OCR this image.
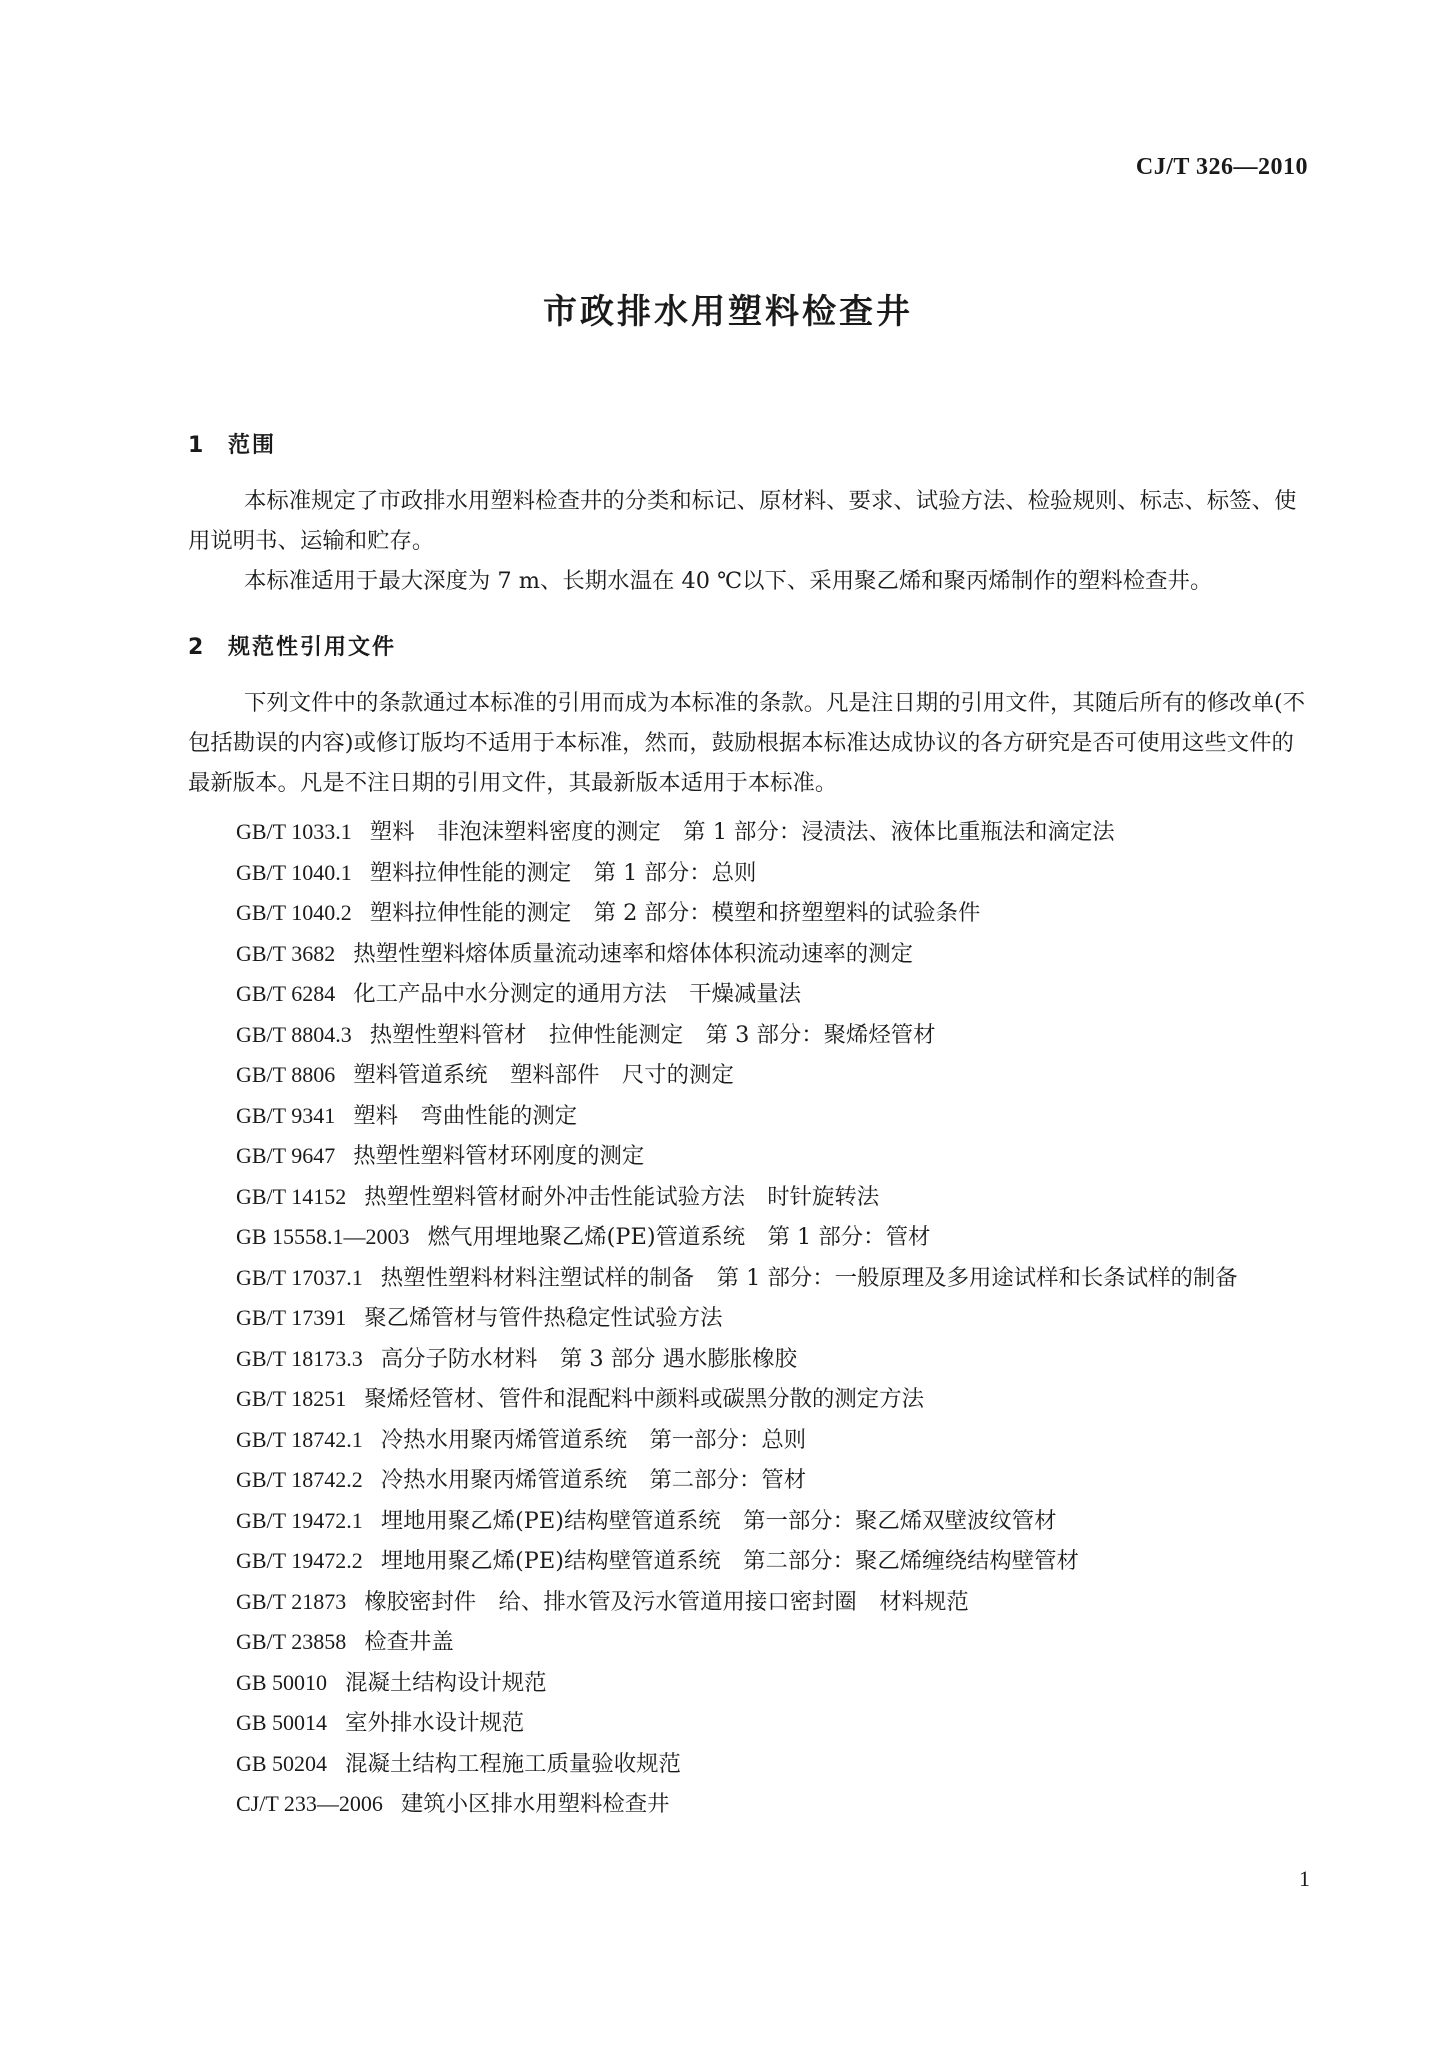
CJ/T 326—2010
市政排水用塑料检查井
1 范围
本标准规定了市政排水用塑料检查井的分类和标记、原材料、要求、试验方法、检验规则、标志、标签、使用说明书、运输和贮存。
本标准适用于最大深度为 7 m、长期水温在 40 ℃以下、采用聚乙烯和聚丙烯制作的塑料检查井。
2 规范性引用文件
下列文件中的条款通过本标准的引用而成为本标准的条款。凡是注日期的引用文件，其随后所有的修改单(不包括勘误的内容)或修订版均不适用于本标准，然而，鼓励根据本标准达成协议的各方研究是否可使用这些文件的最新版本。凡是不注日期的引用文件，其最新版本适用于本标准。
GB/T 1033.1 塑料　非泡沫塑料密度的测定　第 1 部分：浸渍法、液体比重瓶法和滴定法
GB/T 1040.1 塑料拉伸性能的测定　第 1 部分：总则
GB/T 1040.2 塑料拉伸性能的测定　第 2 部分：模塑和挤塑塑料的试验条件
GB/T 3682 热塑性塑料熔体质量流动速率和熔体体积流动速率的测定
GB/T 6284 化工产品中水分测定的通用方法　干燥减量法
GB/T 8804.3 热塑性塑料管材　拉伸性能测定　第 3 部分：聚烯烃管材
GB/T 8806 塑料管道系统　塑料部件　尺寸的测定
GB/T 9341 塑料　弯曲性能的测定
GB/T 9647 热塑性塑料管材环刚度的测定
GB/T 14152 热塑性塑料管材耐外冲击性能试验方法　时针旋转法
GB 15558.1—2003 燃气用埋地聚乙烯(PE)管道系统　第 1 部分：管材
GB/T 17037.1 热塑性塑料材料注塑试样的制备　第 1 部分：一般原理及多用途试样和长条试样的制备
GB/T 17391 聚乙烯管材与管件热稳定性试验方法
GB/T 18173.3 高分子防水材料　第 3 部分 遇水膨胀橡胶
GB/T 18251 聚烯烃管材、管件和混配料中颜料或碳黑分散的测定方法
GB/T 18742.1 冷热水用聚丙烯管道系统　第一部分：总则
GB/T 18742.2 冷热水用聚丙烯管道系统　第二部分：管材
GB/T 19472.1 埋地用聚乙烯(PE)结构壁管道系统　第一部分：聚乙烯双壁波纹管材
GB/T 19472.2 埋地用聚乙烯(PE)结构壁管道系统　第二部分：聚乙烯缠绕结构壁管材
GB/T 21873 橡胶密封件　给、排水管及污水管道用接口密封圈　材料规范
GB/T 23858 检查井盖
GB 50010 混凝土结构设计规范
GB 50014 室外排水设计规范
GB 50204 混凝土结构工程施工质量验收规范
CJ/T 233—2006 建筑小区排水用塑料检查井
1
